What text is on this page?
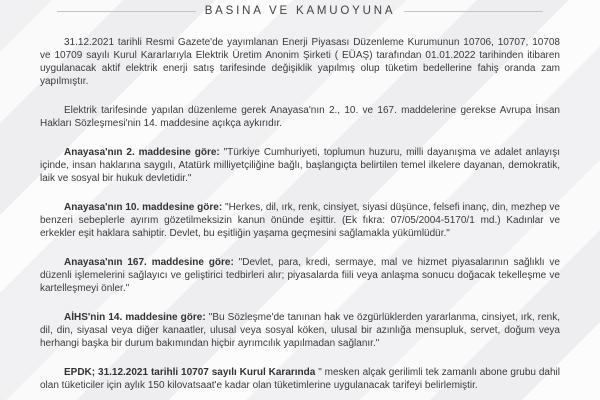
BASINA VE KAMUOYUNA

31.12.2021 tarihli Resmi Gazete'de yayımlanan Enerji Piyasası Düzenleme Kurumunun 10706, 10707, 10708 ve 10709 sayılı Kurul Kararlarıyla Elektrik Üretim Anonim Şirketi ( EÜAŞ) tarafından 01.01.2022 tarihinden itibaren uygulanacak aktif elektrik enerji satış tarifesinde değişiklik yapılmış olup tüketim bedellerine fahiş oranda zam yapılmıştır.

Elektrik tarifesinde yapılan düzenleme gerek Anayasa'nın 2., 10. ve 167. maddelerine gerekse Avrupa İnsan Hakları Sözleşmesi'nin 14. maddesine açıkça aykırıdır.

Anayasa'nın 2. maddesine göre: "Türkiye Cumhuriyeti, toplumun huzuru, milli dayanışma ve adalet anlayışı içinde, insan haklarına saygılı, Atatürk milliyetçiliğine bağlı, başlangıçta belirtilen temel ilkelere dayanan, demokratik, laik ve sosyal bir hukuk devletidir."

Anayasa'nın 10. maddesine göre: "Herkes, dil, ırk, renk, cinsiyet, siyasi düşünce, felsefi inanç, din, mezhep ve benzeri sebeplerle ayırım gözetilmeksizin kanun önünde eşittir. (Ek fıkra: 07/05/2004-5170/1 md.) Kadınlar ve erkekler eşit haklara sahiptir. Devlet, bu eşitliğin yaşama geçmesini sağlamakla yükümlüdür."

Anayasa'nın 167. maddesine göre: "Devlet, para, kredi, sermaye, mal ve hizmet piyasalarının sağlıklı ve düzenli işlemelerini sağlayıcı ve geliştirici tedbirleri alır; piyasalarda fiili veya anlaşma sonucu doğacak tekelleşme ve kartelleşmeyi önler."

AİHS'nin 14. maddesine göre: "Bu Sözleşme'de tanınan hak ve özgürlüklerden yararlanma, cinsiyet, ırk, renk, dil, din, siyasal veya diğer kanaatler, ulusal veya sosyal köken, ulusal bir azınlığa mensupluk, servet, doğum veya herhangi başka bir durum bakımından hiçbir ayrımcılık yapılmadan sağlanır."

EPDK; 31.12.2021 tarihli 10707 sayılı Kurul Kararında " mesken alçak gerilimli tek zamanlı abone grubu dahil olan tüketiciler için aylık 150 kilovatsaat'e kadar olan tüketimlerine uygulanacak tarifeyi belirlemiştir.
